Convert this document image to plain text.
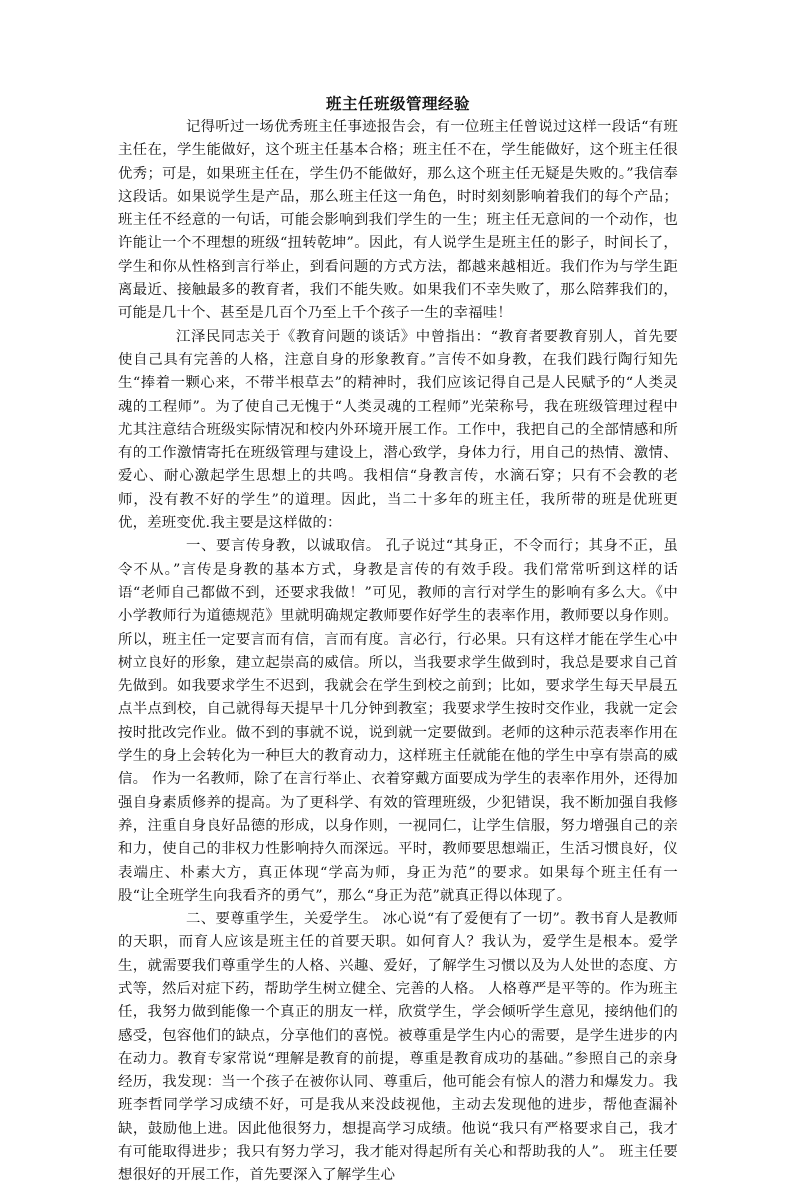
班主任班级管理经验

记得听过一场优秀班主任事迹报告会，有一位班主任曾说过这样一段话“有班主任在，学生能做好，这个班主任基本合格；班主任不在，学生能做好，这个班主任很优秀；可是，如果班主任在，学生仍不能做好，那么这个班主任无疑是失败的。”我信奉这段话。如果说学生是产品，那么班主任这一角色，时时刻刻影响着我们的每个产品；班主任不经意的一句话，可能会影响到我们学生的一生；班主任无意间的一个动作，也许能让一个不理想的班级“扭转乾坤”。因此，有人说学生是班主任的影子，时间长了，学生和你从性格到言行举止，到看问题的方式方法，都越来越相近。我们作为与学生距离最近、接触最多的教育者，我们不能失败。如果我们不幸失败了，那么陪葬我们的，可能是几十个、甚至是几百个乃至上千个孩子一生的幸福哇！

江泽民同志关于《教育问题的谈话》中曾指出：“教育者要教育别人，首先要使自己具有完善的人格，注意自身的形象教育。”言传不如身教，在我们践行陶行知先生“捧着一颗心来，不带半根草去”的精神时，我们应该记得自己是人民赋予的“人类灵魂的工程师”。为了使自己无愧于“人类灵魂的工程师”光荣称号，我在班级管理过程中尤其注意结合班级实际情况和校内外环境开展工作。工作中，我把自己的全部情感和所有的工作激情寄托在班级管理与建设上，潜心致学，身体力行，用自己的热情、激情、爱心、耐心激起学生思想上的共鸣。我相信“身教言传，水滴石穿；只有不会教的老师，没有教不好的学生”的道理。因此，当二十多年的班主任，我所带的班是优班更优，差班变优.我主要是这样做的：

一、要言传身教，以诚取信。 孔子说过“其身正，不令而行；其身不正，虽令不从。”言传是身教的基本方式，身教是言传的有效手段。我们常常听到这样的话语“老师自己都做不到，还要求我做！”可见，教师的言行对学生的影响有多么大。《中小学教师行为道德规范》里就明确规定教师要作好学生的表率作用，教师要以身作则。所以，班主任一定要言而有信，言而有度。言必行，行必果。只有这样才能在学生心中树立良好的形象，建立起崇高的威信。所以，当我要求学生做到时，我总是要求自己首先做到。如我要求学生不迟到，我就会在学生到校之前到；比如，要求学生每天早晨五点半点到校，自己就得每天提早十几分钟到教室；我要求学生按时交作业，我就一定会按时批改完作业。做不到的事就不说，说到就一定要做到。老师的这种示范表率作用在学生的身上会转化为一种巨大的教育动力，这样班主任就能在他的学生中享有崇高的威信。 作为一名教师，除了在言行举止、衣着穿戴方面要成为学生的表率作用外，还得加强自身素质修养的提高。为了更科学、有效的管理班级，少犯错误，我不断加强自我修养，注重自身良好品德的形成，以身作则，一视同仁，让学生信服，努力增强自己的亲和力，使自己的非权力性影响持久而深远。平时，教师要思想端正，生活习惯良好，仪表端庄、朴素大方，真正体现“学高为师，身正为范”的要求。如果每个班主任有一股“让全班学生向我看齐的勇气”，那么“身正为范”就真正得以体现了。

二、要尊重学生，关爱学生。 冰心说“有了爱便有了一切”。教书育人是教师的天职，而育人应该是班主任的首要天职。如何育人？我认为，爱学生是根本。爱学生，就需要我们尊重学生的人格、兴趣、爱好，了解学生习惯以及为人处世的态度、方式等，然后对症下药，帮助学生树立健全、完善的人格。 人格尊严是平等的。作为班主任，我努力做到能像一个真正的朋友一样，欣赏学生，学会倾听学生意见，接纳他们的感受，包容他们的缺点，分享他们的喜悦。被尊重是学生内心的需要，是学生进步的内在动力。教育专家常说“理解是教育的前提，尊重是教育成功的基础。”参照自己的亲身经历，我发现：当一个孩子在被你认同、尊重后，他可能会有惊人的潜力和爆发力。我班李哲同学学习成绩不好，可是我从来没歧视他，主动去发现他的进步，帮他查漏补缺，鼓励他上进。因此他很努力，想提高学习成绩。他说“我只有严格要求自己，我才有可能取得进步；我只有努力学习，我才能对得起所有关心和帮助我的人”。 班主任要想很好的开展工作，首先要深入了解学生心
